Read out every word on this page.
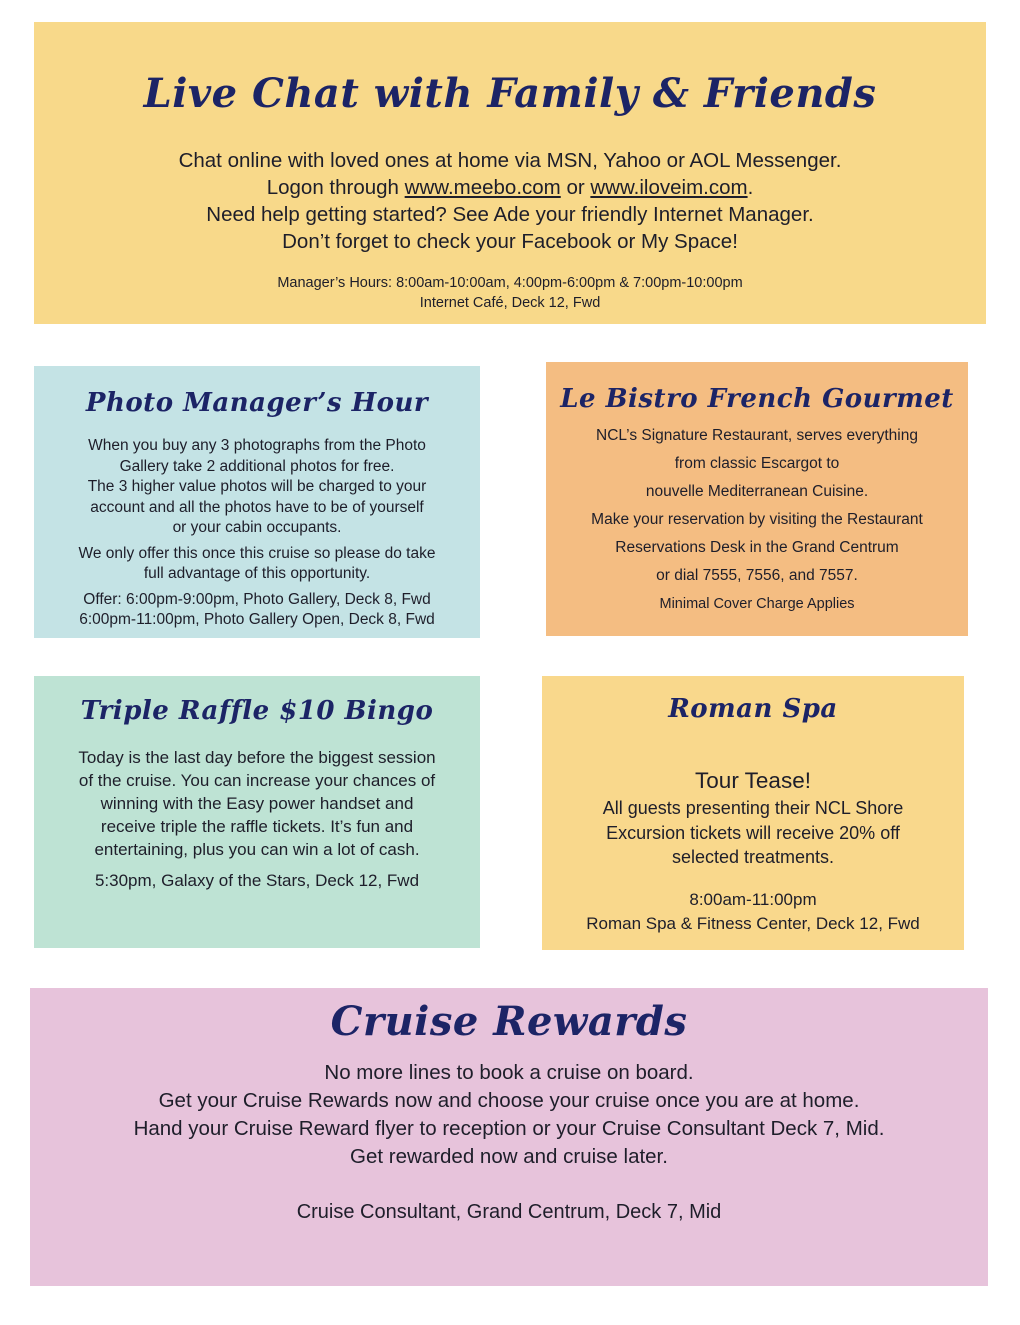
Live Chat with Family & Friends
Chat online with loved ones at home via MSN, Yahoo or AOL Messenger.
Logon through www.meebo.com or www.iloveim.com.
Need help getting started? See Ade your friendly Internet Manager.
Don’t forget to check your Facebook or My Space!
Manager’s Hours: 8:00am-10:00am, 4:00pm-6:00pm & 7:00pm-10:00pm
Internet Café, Deck 12, Fwd
Photo Manager’s Hour
When you buy any 3 photographs from the Photo
Gallery take 2 additional photos for free.
The 3 higher value photos will be charged to your
account and all the photos have to be of yourself
or your cabin occupants.
We only offer this once this cruise so please do take
full advantage of this opportunity.
Offer: 6:00pm-9:00pm, Photo Gallery, Deck 8, Fwd
6:00pm-11:00pm, Photo Gallery Open, Deck 8, Fwd
Le Bistro French Gourmet
NCL’s Signature Restaurant, serves everything
from classic Escargot to
nouvelle Mediterranean Cuisine.
Make your reservation by visiting the Restaurant
Reservations Desk in the Grand Centrum
or dial 7555, 7556, and 7557.
Minimal Cover Charge Applies
Triple Raffle $10 Bingo
Today is the last day before the biggest session
of the cruise. You can increase your chances of
winning with the Easy power handset and
receive triple the raffle tickets. It’s fun and
entertaining, plus you can win a lot of cash.
5:30pm, Galaxy of the Stars, Deck 12, Fwd
Roman Spa
Tour Tease!
All guests presenting their NCL Shore
Excursion tickets will receive 20% off
selected treatments.
8:00am-11:00pm
Roman Spa & Fitness Center, Deck 12, Fwd
Cruise Rewards
No more lines to book a cruise on board.
Get your Cruise Rewards now and choose your cruise once you are at home.
Hand your Cruise Reward flyer to reception or your Cruise Consultant Deck 7, Mid.
Get rewarded now and cruise later.
Cruise Consultant, Grand Centrum, Deck 7, Mid
